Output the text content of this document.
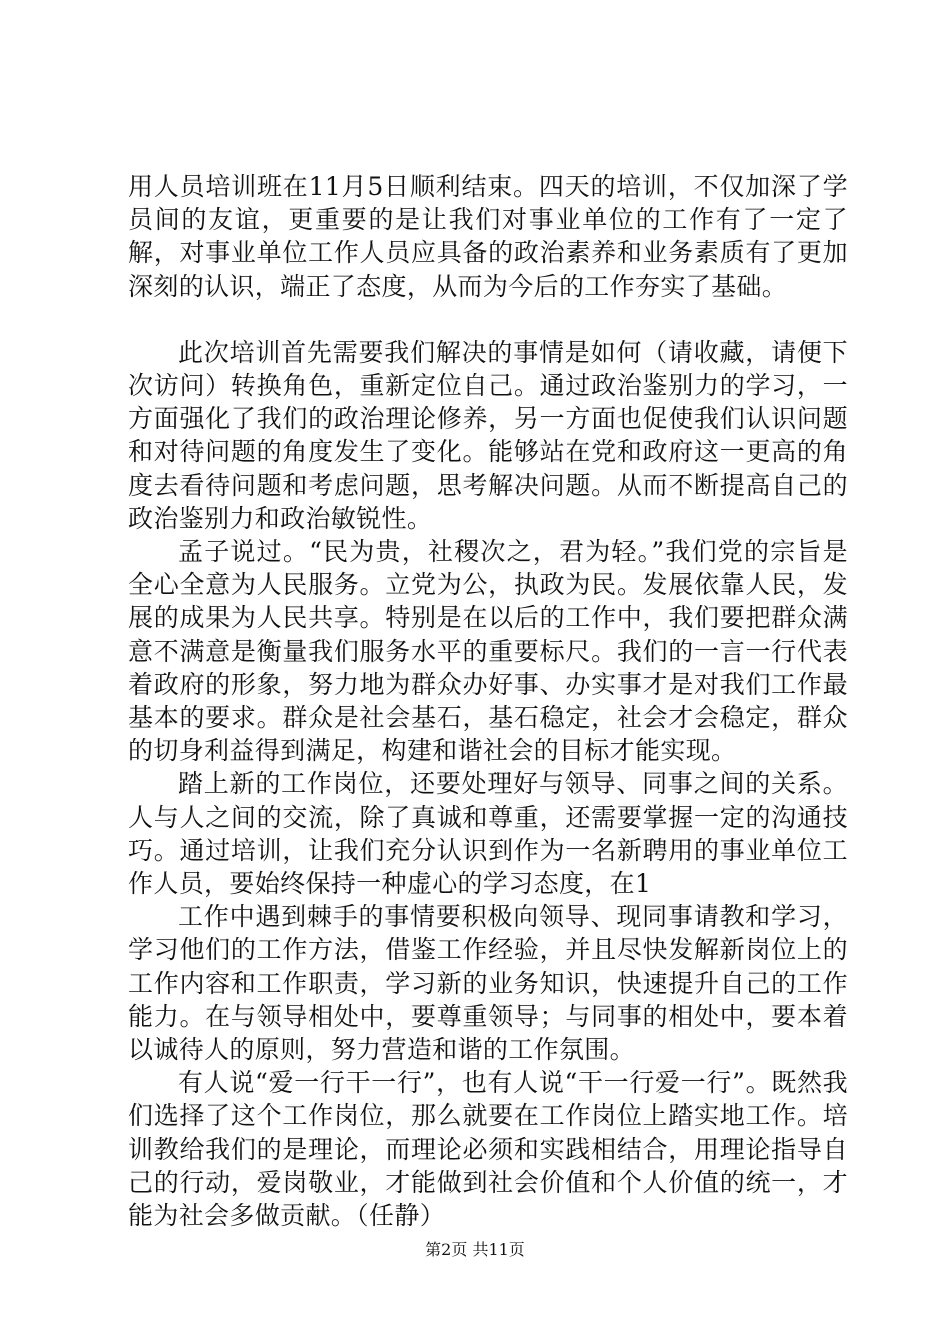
用人员培训班在11月5日顺利结束。四天的培训，不仅加深了学员间的友谊，更重要的是让我们对事业单位的工作有了一定了解，对事业单位工作人员应具备的政治素养和业务素质有了更加深刻的认识，端正了态度，从而为今后的工作夯实了基础。

此次培训首先需要我们解决的事情是如何（请收藏，请便下次访问）转换角色，重新定位自己。通过政治鉴别力的学习，一方面强化了我们的政治理论修养，另一方面也促使我们认识问题和对待问题的角度发生了变化。能够站在党和政府这一更高的角度去看待问题和考虑问题，思考解决问题。从而不断提高自己的政治鉴别力和政治敏锐性。

孟子说过。“民为贵，社稷次之，君为轻。”我们党的宗旨是全心全意为人民服务。立党为公，执政为民。发展依靠人民，发展的成果为人民共享。特别是在以后的工作中，我们要把群众满意不满意是衡量我们服务水平的重要标尺。我们的一言一行代表着政府的形象，努力地为群众办好事、办实事才是对我们工作最基本的要求。群众是社会基石，基石稳定，社会才会稳定，群众的切身利益得到满足，构建和谐社会的目标才能实现。

踏上新的工作岗位，还要处理好与领导、同事之间的关系。人与人之间的交流，除了真诚和尊重，还需要掌握一定的沟通技巧。通过培训，让我们充分认识到作为一名新聘用的事业单位工作人员，要始终保持一种虚心的学习态度，在1

工作中遇到棘手的事情要积极向领导、现同事请教和学习，学习他们的工作方法，借鉴工作经验，并且尽快发解新岗位上的工作内容和工作职责，学习新的业务知识，快速提升自己的工作能力。在与领导相处中，要尊重领导；与同事的相处中，要本着以诚待人的原则，努力营造和谐的工作氛围。

有人说“爱一行干一行”，也有人说“干一行爱一行”。既然我们选择了这个工作岗位，那么就要在工作岗位上踏实地工作。培训教给我们的是理论，而理论必须和实践相结合，用理论指导自己的行动，爱岗敬业，才能做到社会价值和个人价值的统一，才能为社会多做贡献。（任静）

第2页 共11页
